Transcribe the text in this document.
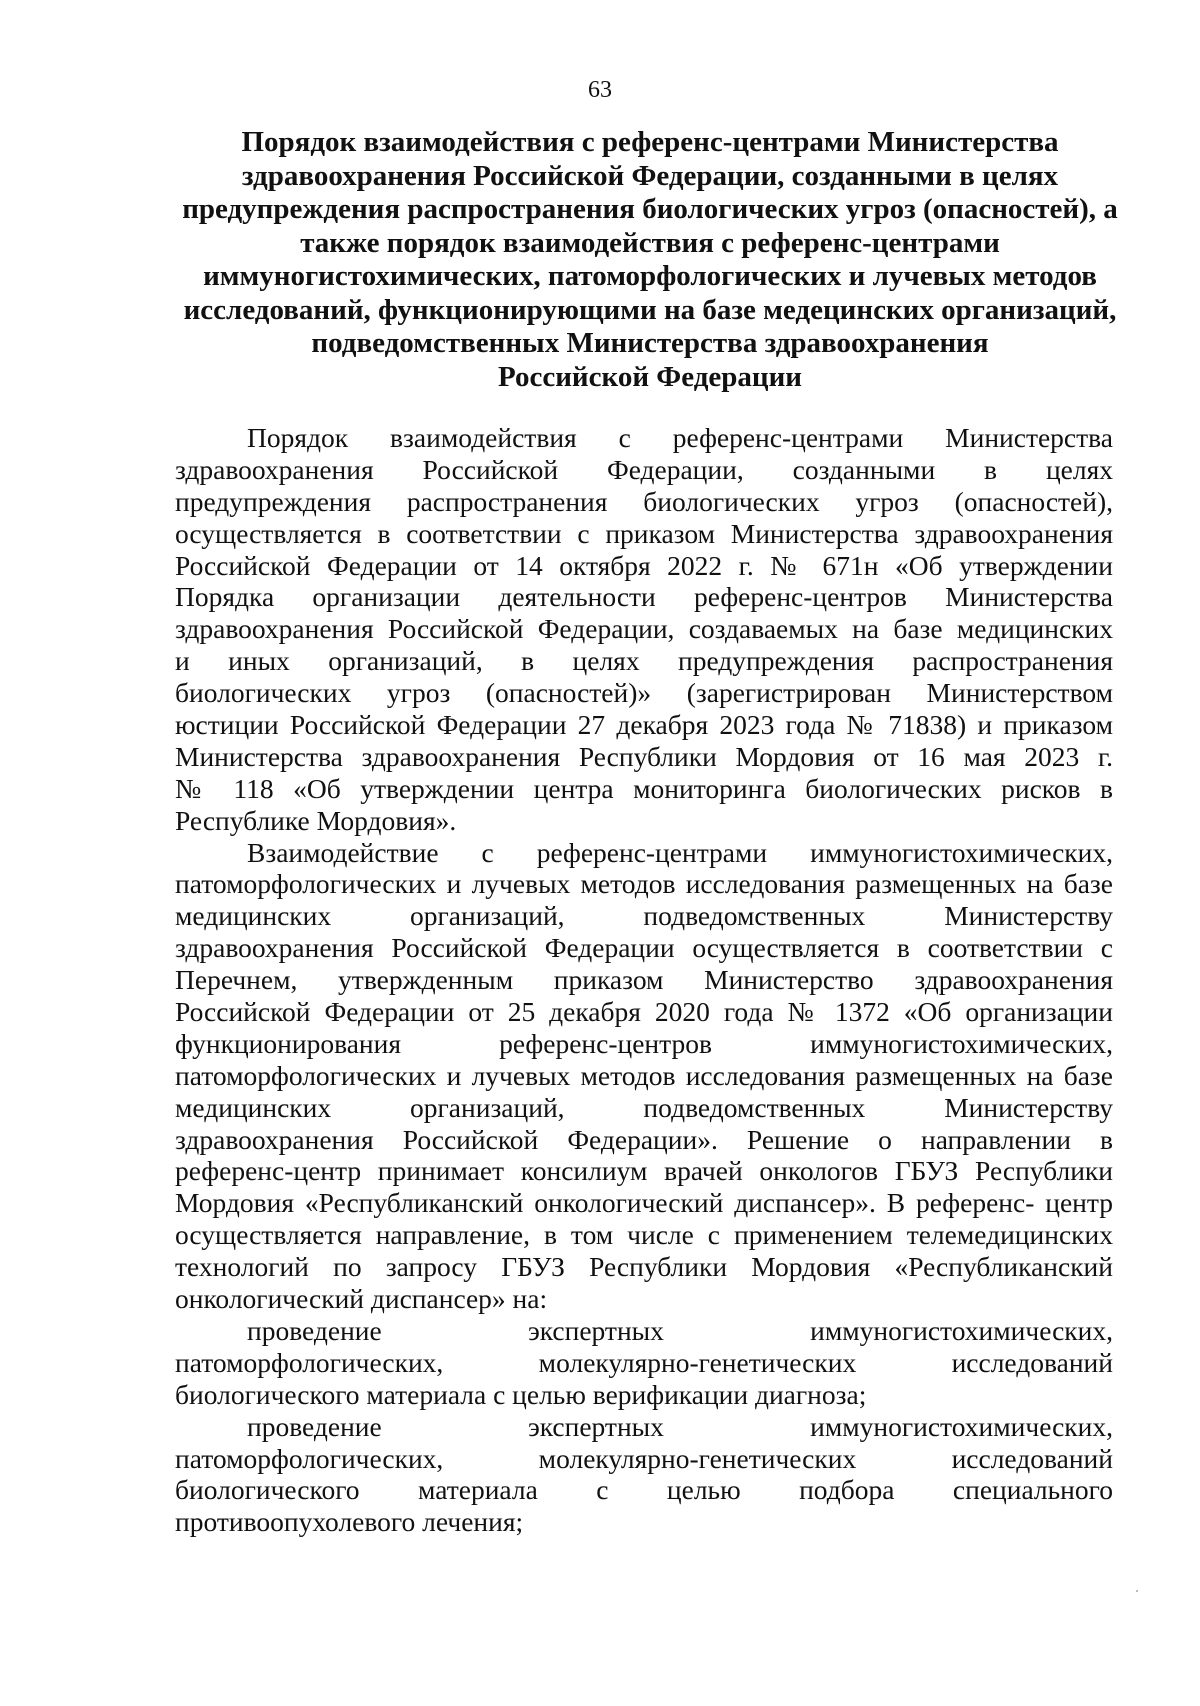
63
Порядок взаимодействия с референс-центрами Министерства
здравоохранения Российской Федерации, созданными в целях
предупреждения распространения биологических угроз (опасностей), а
также порядок взаимодействия с референс-центрами
иммуногистохимических, патоморфологических и лучевых методов
исследований, функционирующими на базе медецинских организаций,
подведомственных Министерства здравоохранения
Российской Федерации

Порядок взаимодействия с референс-центрами Министерства
здравоохранения Российской Федерации, созданными в целях
предупреждения распространения биологических угроз (опасностей),
осуществляется в соответствии с приказом Министерства здравоохранения
Российской Федерации от 14 октября 2022 г. № 671н «Об утверждении
Порядка организации деятельности референс-центров Министерства
здравоохранения Российской Федерации, создаваемых на базе медицинских
и иных организаций, в целях предупреждения распространения
биологических угроз (опасностей)» (зарегистрирован Министерством
юстиции Российской Федерации 27 декабря 2023 года № 71838) и приказом
Министерства здравоохранения Республики Мордовия от 16 мая 2023 г.
№ 118 «Об утверждении центра мониторинга биологических рисков в
Республике Мордовия».

Взаимодействие с референс-центрами иммуногистохимических,
патоморфологических и лучевых методов исследования размещенных на базе
медицинских организаций, подведомственных Министерству
здравоохранения Российской Федерации осуществляется в соответствии с
Перечнем, утвержденным приказом Министерство здравоохранения
Российской Федерации от 25 декабря 2020 года № 1372 «Об организации
функционирования референс-центров иммуногистохимических,
патоморфологических и лучевых методов исследования размещенных на базе
медицинских организаций, подведомственных Министерству
здравоохранения Российской Федерации». Решение о направлении в
референс-центр принимает консилиум врачей онкологов ГБУЗ Республики
Мордовия «Республиканский онкологический диспансер». В референс- центр
осуществляется направление, в том числе с применением телемедицинских
технологий по запросу ГБУЗ Республики Мордовия «Республиканский
онкологический диспансер» на:

проведение экспертных иммуногистохимических,
патоморфологических, молекулярно-генетических исследований
биологического материала с целью верификации диагноза;

проведение экспертных иммуногистохимических,
патоморфологических, молекулярно-генетических исследований
биологического материала с целью подбора специального
противоопухолевого лечения;
